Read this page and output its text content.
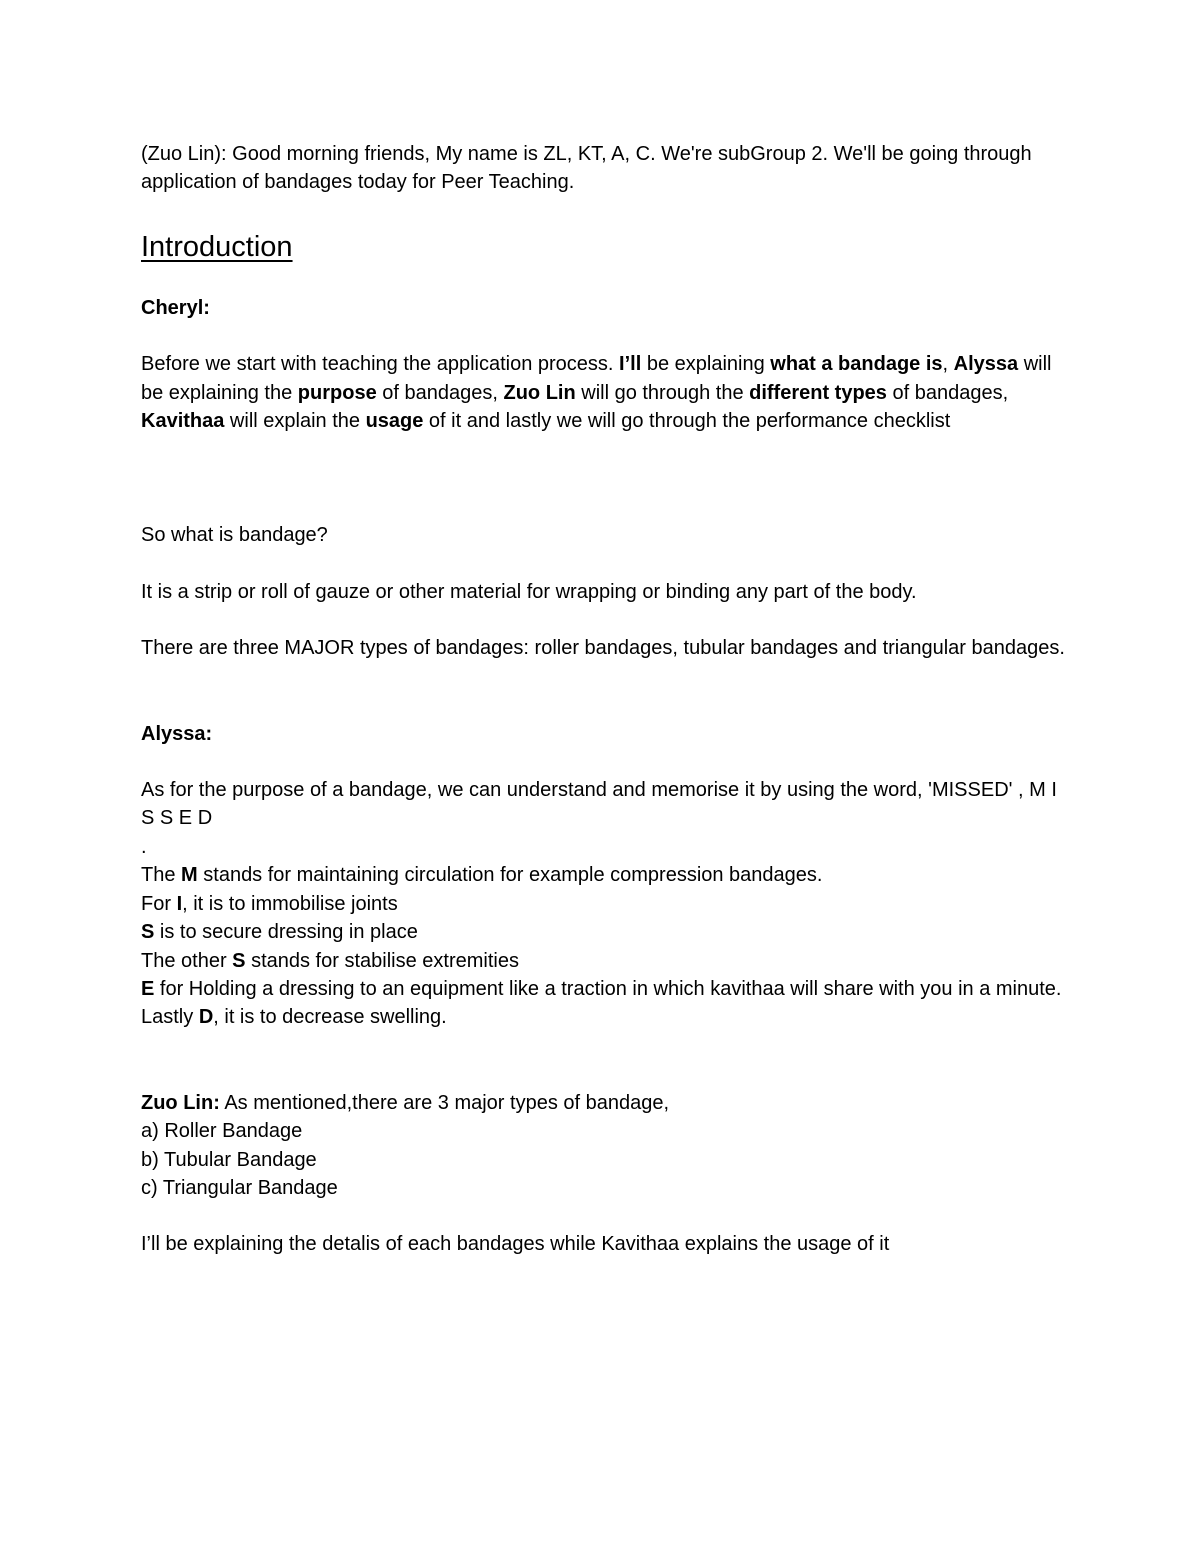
(Zuo Lin): Good morning friends, My name is ZL, KT, A, C. We're subGroup 2. We'll be going through application of bandages today for Peer Teaching.

Introduction

Cheryl:

Before we start with teaching the application process. I’ll be explaining what a bandage is, Alyssa will be explaining the purpose of bandages, Zuo Lin will go through the different types of bandages, Kavithaa will explain the usage of it and lastly we will go through the performance checklist

So what is bandage?

It is a strip or roll of gauze or other material for wrapping or binding any part of the body.

There are three MAJOR types of bandages: roller bandages, tubular bandages and triangular bandages.

Alyssa:

As for the purpose of a bandage, we can understand and memorise it by using the word, 'MISSED' , M I S S E D

.

The M stands for maintaining circulation for example compression bandages.

For I, it is to immobilise joints

S is to secure dressing in place

The other S stands for stabilise extremities

E for Holding a dressing to an equipment like a traction in which kavithaa will share with you in a minute.

Lastly D, it is to decrease swelling.

Zuo Lin: As mentioned,there are 3 major types of bandage,

a) Roller Bandage

b) Tubular Bandage

c) Triangular Bandage

I’ll be explaining the detalis of each bandages while Kavithaa explains the usage of it
